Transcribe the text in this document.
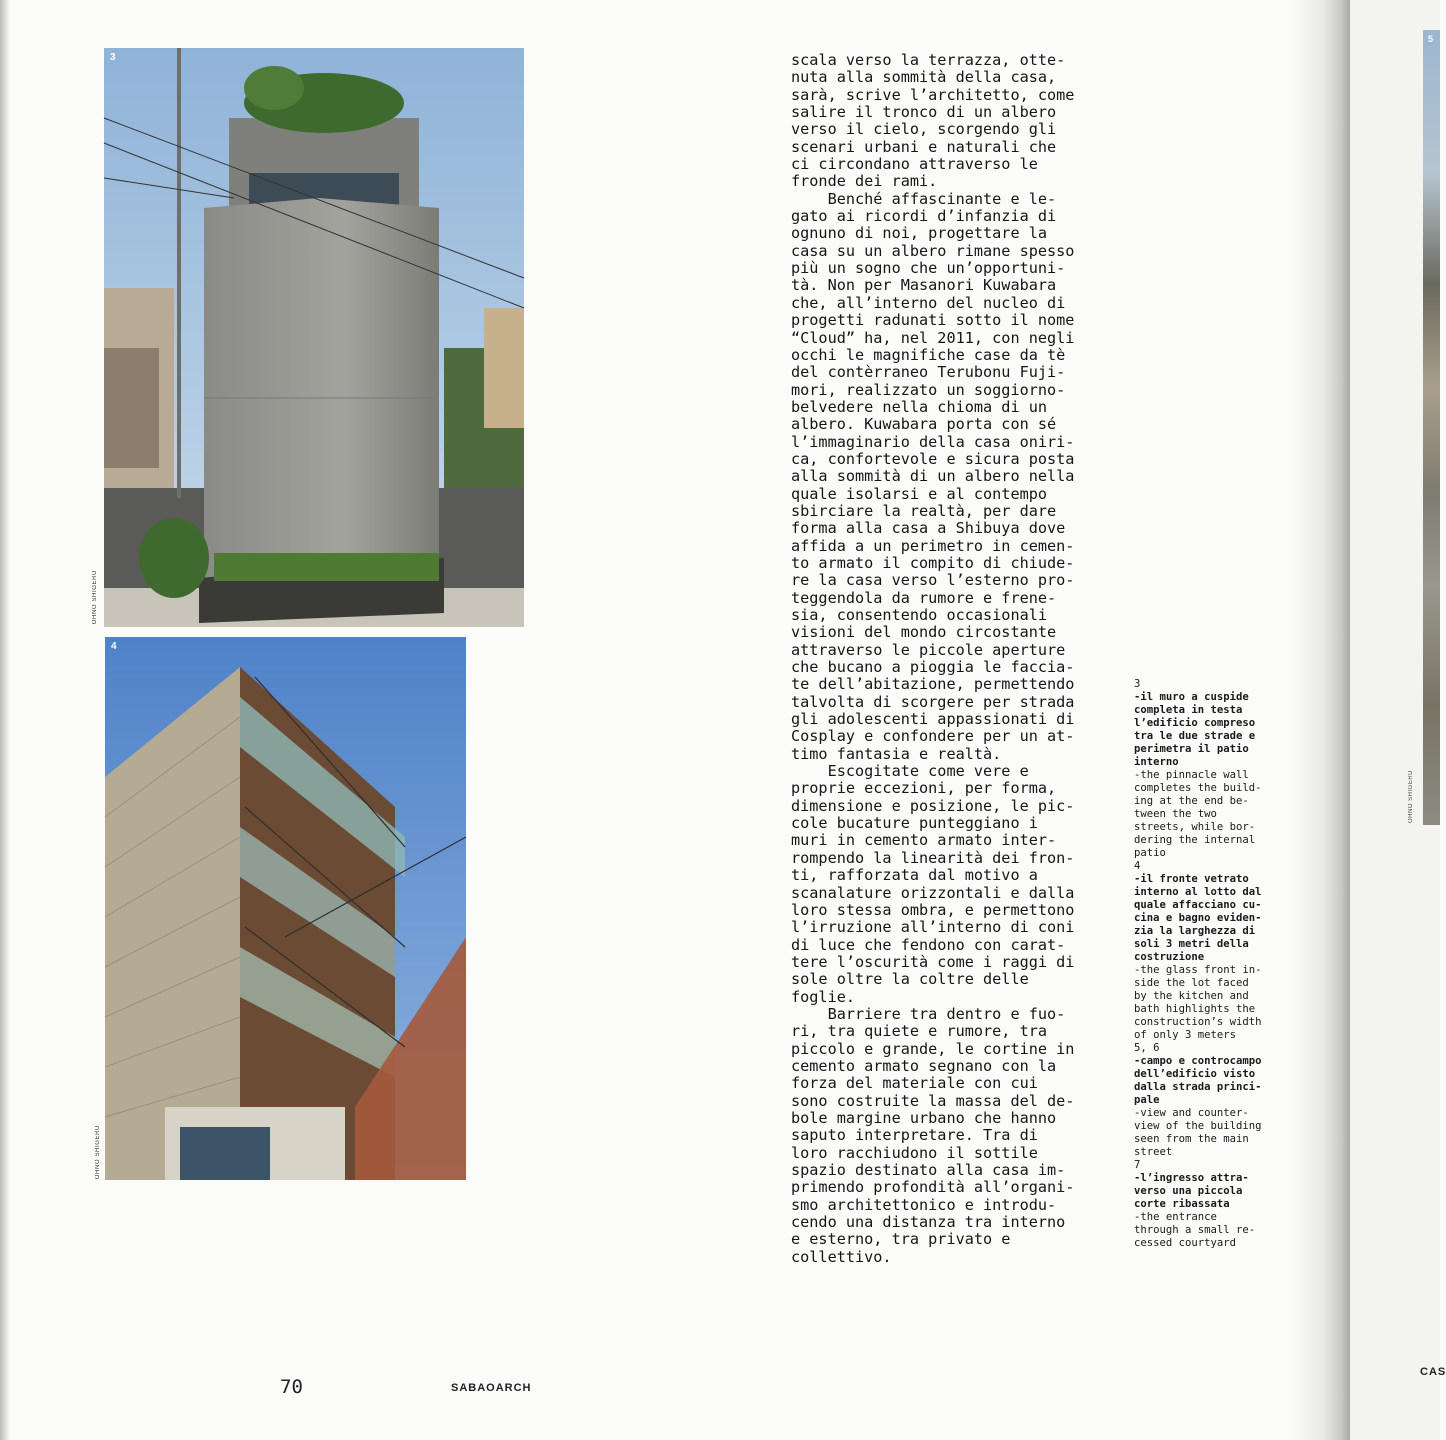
3
OHNO SHIGERU
4
OHNO SHIGERU
scala verso la terrazza, otte-
nuta alla sommità della casa,
sarà, scrive l’architetto, come
salire il tronco di un albero
verso il cielo, scorgendo gli
scenari urbani e naturali che
ci circondano attraverso le
fronde dei rami.
Benché affascinante e le-
gato ai ricordi d’infanzia di
ognuno di noi, progettare la
casa su un albero rimane spesso
più un sogno che un’opportuni-
tà. Non per Masanori Kuwabara
che, all’interno del nucleo di
progetti radunati sotto il nome
“Cloud” ha, nel 2011, con negli
occhi le magnifiche case da tè
del contèrraneo Terubonu Fuji-
mori, realizzato un soggiorno-
belvedere nella chioma di un
albero. Kuwabara porta con sé
l’immaginario della casa oniri-
ca, confortevole e sicura posta
alla sommità di un albero nella
quale isolarsi e al contempo
sbirciare la realtà, per dare
forma alla casa a Shibuya dove
affida a un perimetro in cemen-
to armato il compito di chiude-
re la casa verso l’esterno pro-
teggendola da rumore e frene-
sia, consentendo occasionali
visioni del mondo circostante
attraverso le piccole aperture
che bucano a pioggia le faccia-
te dell’abitazione, permettendo
talvolta di scorgere per strada
gli adolescenti appassionati di
Cosplay e confondere per un at-
timo fantasia e realtà.
Escogitate come vere e
proprie eccezioni, per forma,
dimensione e posizione, le pic-
cole bucature punteggiano i
muri in cemento armato inter-
rompendo la linearità dei fron-
ti, rafforzata dal motivo a
scanalature orizzontali e dalla
loro stessa ombra, e permettono
l’irruzione all’interno di coni
di luce che fendono con carat-
tere l’oscurità come i raggi di
sole oltre la coltre delle
foglie.
Barriere tra dentro e fuo-
ri, tra quiete e rumore, tra
piccolo e grande, le cortine in
cemento armato segnano con la
forza del materiale con cui
sono costruite la massa del de-
bole margine urbano che hanno
saputo interpretare. Tra di
loro racchiudono il sottile
spazio destinato alla casa im-
primendo profondità all’organi-
smo architettonico e introdu-
cendo una distanza tra interno
e esterno, tra privato e
collettivo.
3
-il muro a cuspide
completa in testa
l’edificio compreso
tra le due strade e
perimetra il patio
interno
-the pinnacle wall
completes the build-
ing at the end be-
tween the two
streets, while bor-
dering the internal
patio
4
-il fronte vetrato
interno al lotto dal
quale affacciano cu-
cina e bagno eviden-
zia la larghezza di
soli 3 metri della
costruzione
-the glass front in-
side the lot faced
by the kitchen and
bath highlights the
construction’s width
of only 3 meters
5, 6
-campo e controcampo
dell’edificio visto
dalla strada princi-
pale
-view and counter-
view of the building
seen from the main
street
7
-l’ingresso attra-
verso una piccola
corte ribassata
-the entrance
through a small re-
cessed courtyard
70	SABAOARCH
5
OHNO SHIGERU
CAS
